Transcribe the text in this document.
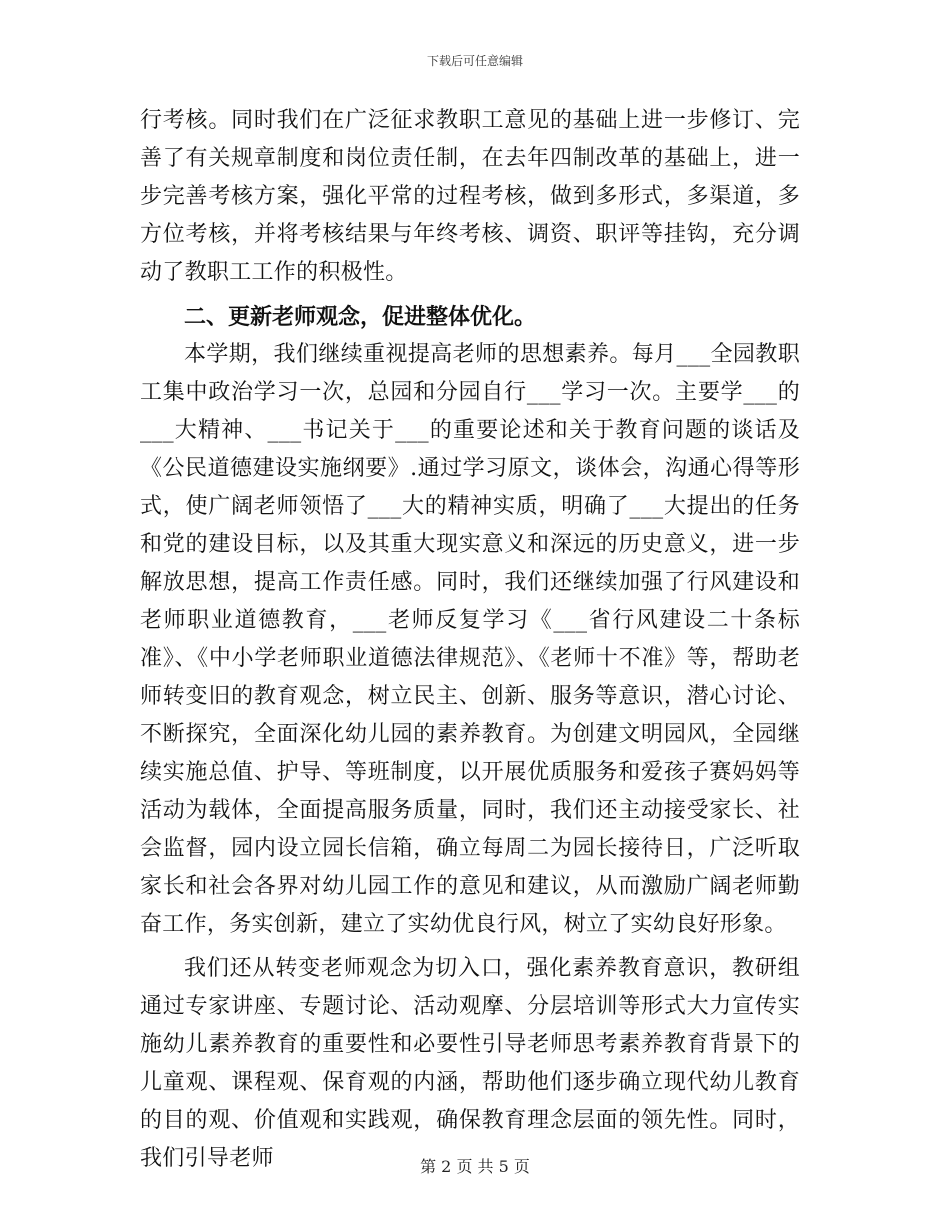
下载后可任意编辑

行考核。同时我们在广泛征求教职工意见的基础上进一步修订、完善了有关规章制度和岗位责任制，在去年四制改革的基础上，进一步完善考核方案，强化平常的过程考核，做到多形式，多渠道，多方位考核，并将考核结果与年终考核、调资、职评等挂钩，充分调动了教职工工作的积极性。

二、更新老师观念，促进整体优化。

本学期，我们继续重视提高老师的思想素养。每月___全园教职工集中政治学习一次，总园和分园自行___学习一次。主要学___的___大精神、___书记关于___的重要论述和关于教育问题的谈话及《公民道德建设实施纲要》.通过学习原文，谈体会，沟通心得等形式，使广阔老师领悟了___大的精神实质，明确了___大提出的任务和党的建设目标，以及其重大现实意义和深远的历史意义，进一步解放思想，提高工作责任感。同时，我们还继续加强了行风建设和老师职业道德教育，___老师反复学习《___省行风建设二十条标准》、《中小学老师职业道德法律规范》、《老师十不准》等，帮助老师转变旧的教育观念，树立民主、创新、服务等意识，潜心讨论、不断探究，全面深化幼儿园的素养教育。为创建文明园风，全园继续实施总值、护导、等班制度，以开展优质服务和爱孩子赛妈妈等活动为载体，全面提高服务质量，同时，我们还主动接受家长、社会监督，园内设立园长信箱，确立每周二为园长接待日，广泛听取家长和社会各界对幼儿园工作的意见和建议，从而激励广阔老师勤奋工作，务实创新，建立了实幼优良行风，树立了实幼良好形象。

我们还从转变老师观念为切入口，强化素养教育意识，教研组通过专家讲座、专题讨论、活动观摩、分层培训等形式大力宣传实施幼儿素养教育的重要性和必要性引导老师思考素养教育背景下的儿童观、课程观、保育观的内涵，帮助他们逐步确立现代幼儿教育的目的观、价值观和实践观，确保教育理念层面的领先性。同时，我们引导老师	第 2 页 共 5 页
